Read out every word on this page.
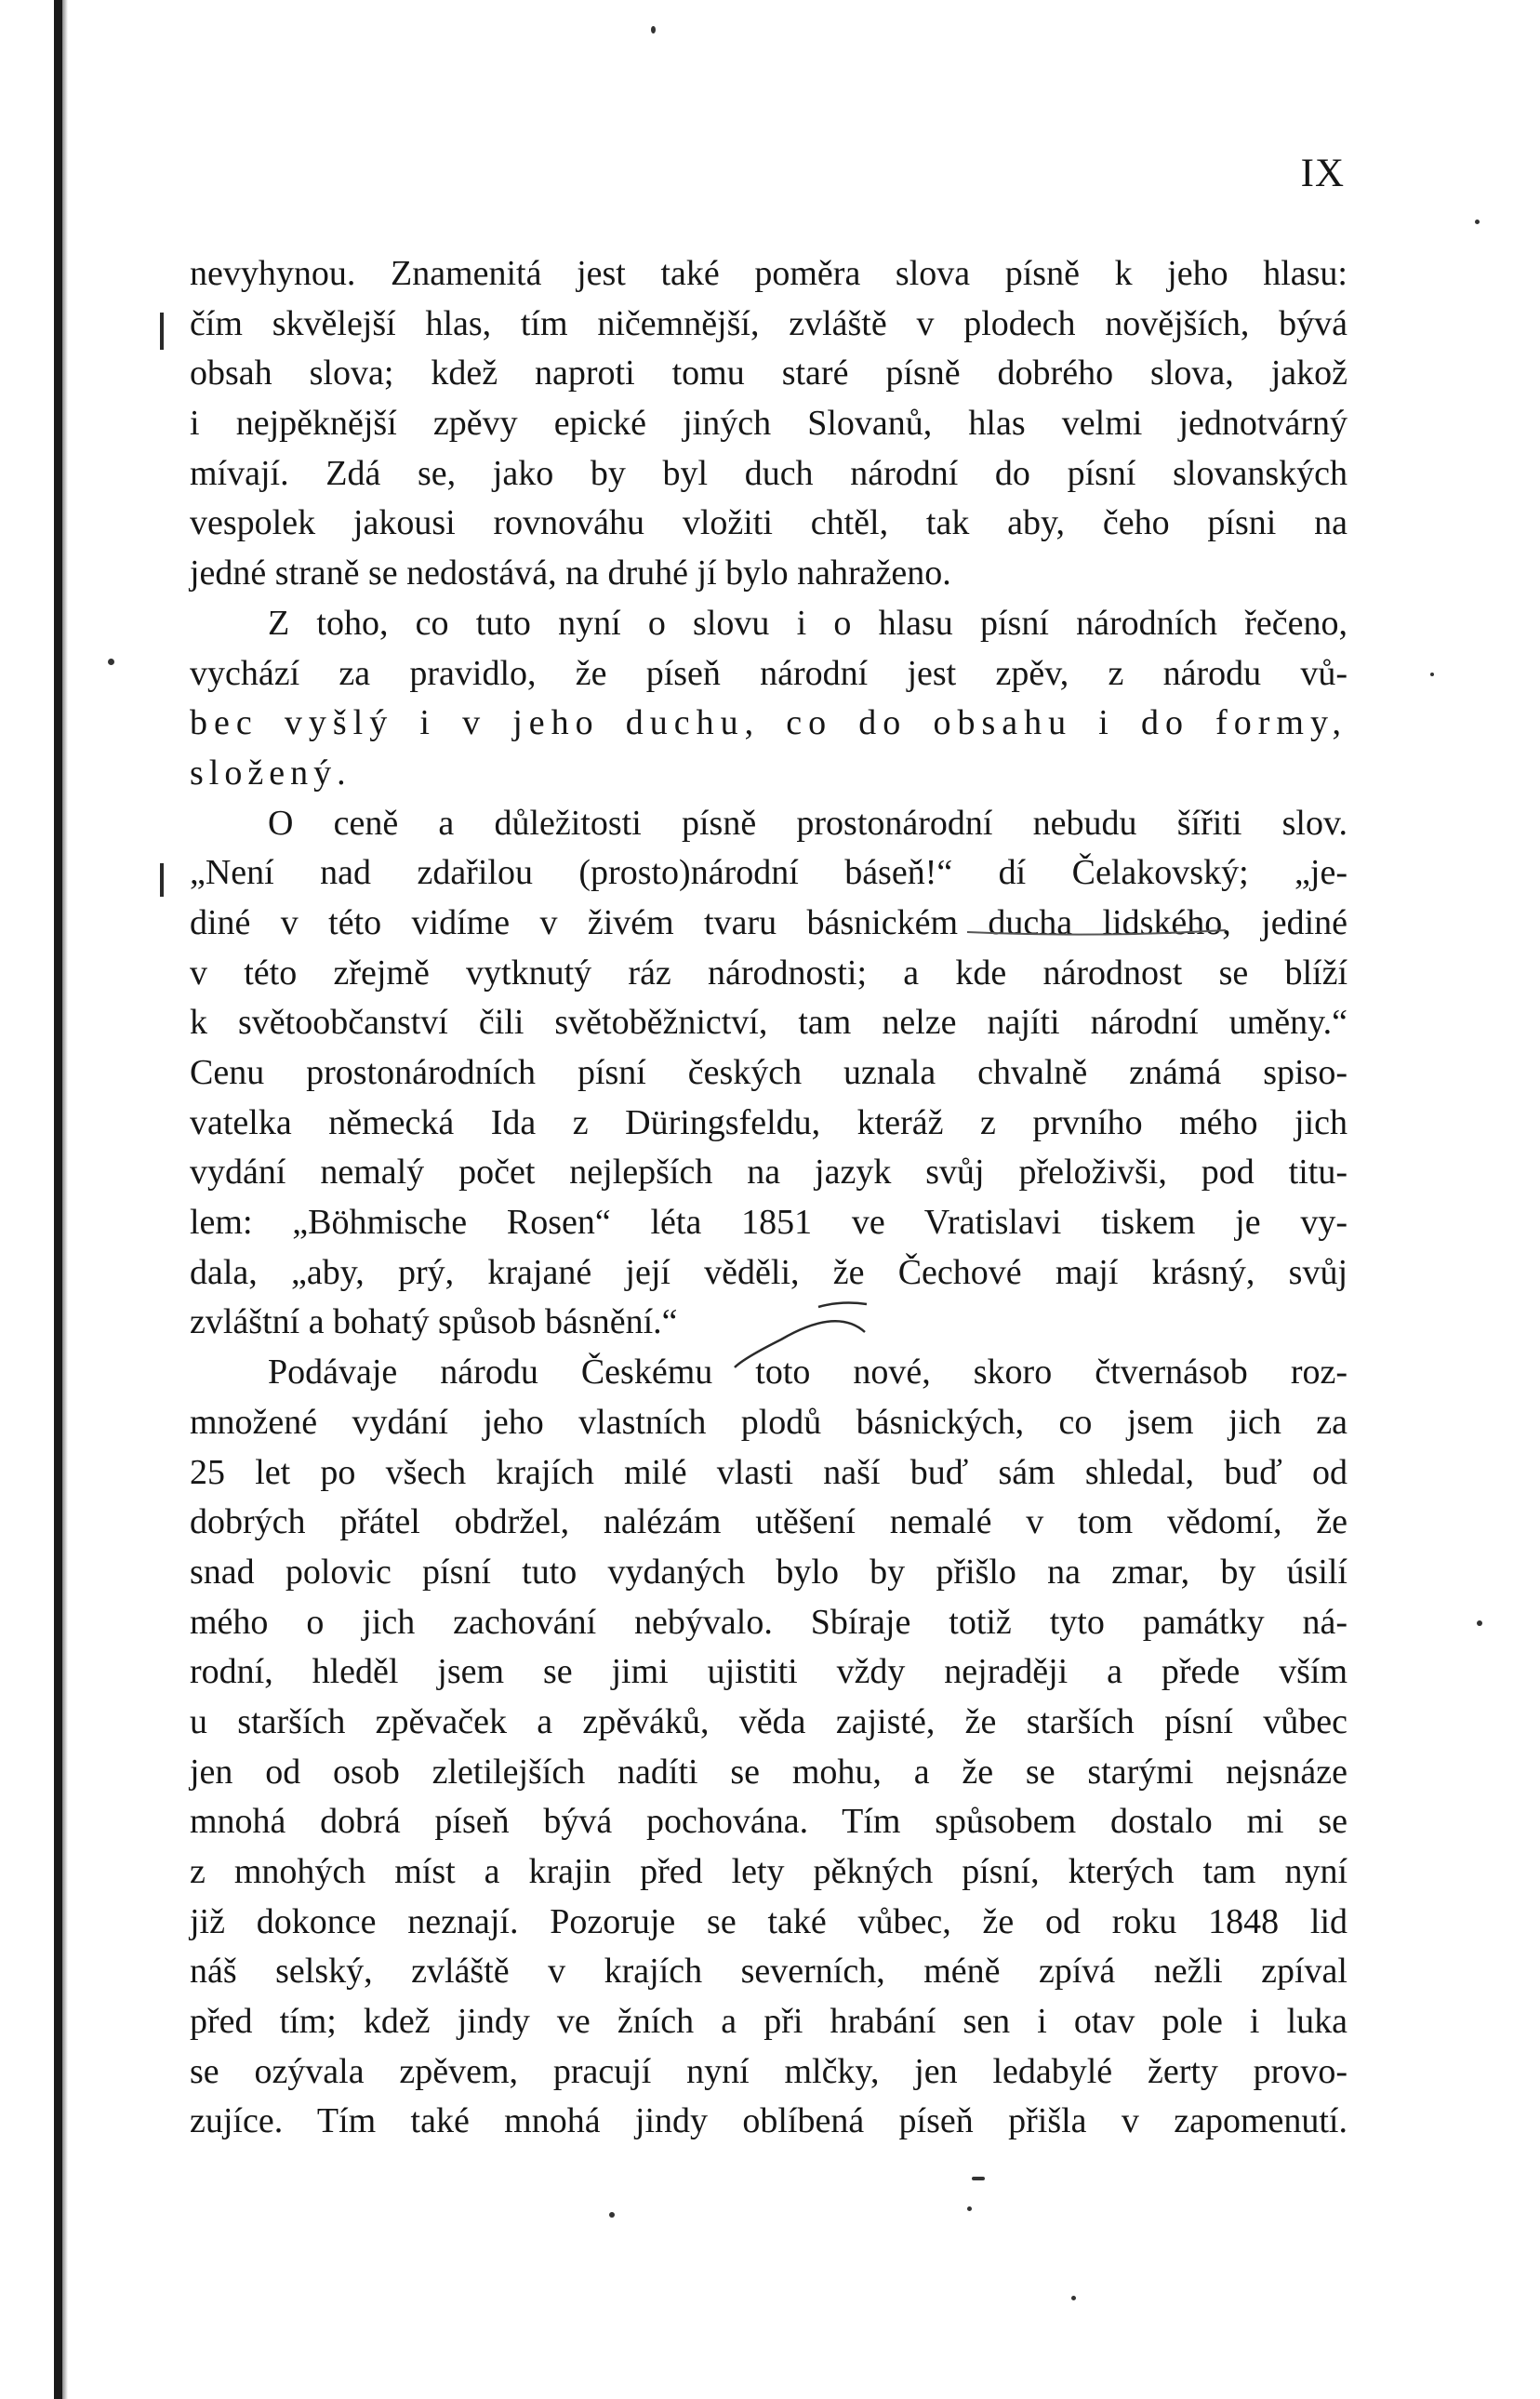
IX
nevyhynou. Znamenitá jest také poměra slova písně k jeho hlasu:
čím skvělejší hlas, tím ničemnější, zvláště v plodech novějších, bývá
obsah slova; kdež naproti tomu staré písně dobrého slova, jakož
i nejpěknější zpěvy epické jiných Slovanů, hlas velmi jednotvárný
mívají. Zdá se, jako by byl duch národní do písní slovanských
vespolek jakousi rovnováhu vložiti chtěl, tak aby, čeho písni na
jedné straně se nedostává, na druhé jí bylo nahraženo.
Z toho, co tuto nyní o slovu i o hlasu písní národních řečeno,
vychází za pravidlo, že píseň národní jest zpěv, z národu vů-
bec vyšlý i v jeho duchu, co do obsahu i do formy,
složený.
O ceně a důležitosti písně prostonárodní nebudu šířiti slov.
„Není nad zdařilou (prosto)národní báseň!“ dí Čelakovský; „je-
diné v této vidíme v živém tvaru básnickém ducha lidského, jediné
v této zřejmě vytknutý ráz národnosti; a kde národnost se blíží
k světoobčanství čili světoběžnictví, tam nelze najíti národní uměny.“
Cenu prostonárodních písní českých uznala chvalně známá spiso-
vatelka německá Ida z Düringsfeldu, kteráž z prvního mého jich
vydání nemalý počet nejlepších na jazyk svůj přeloživši, pod titu-
lem: „Böhmische Rosen“ léta 1851 ve Vratislavi tiskem je vy-
dala, „aby, prý, krajané její věděli, že Čechové mají krásný, svůj
zvláštní a bohatý spůsob básnění.“
Podávaje národu Českému toto nové, skoro čtvernásob roz-
množené vydání jeho vlastních plodů básnických, co jsem jich za
25 let po všech krajích milé vlasti naší buď sám shledal, buď od
dobrých přátel obdržel, nalézám utěšení nemalé v tom vědomí, že
snad polovic písní tuto vydaných bylo by přišlo na zmar, by úsilí
mého o jich zachování nebývalo. Sbíraje totiž tyto památky ná-
rodní, hleděl jsem se jimi ujistiti vždy nejraději a přede vším
u starších zpěvaček a zpěváků, věda zajisté, že starších písní vůbec
jen od osob zletilejších nadíti se mohu, a že se starými nejsnáze
mnohá dobrá píseň bývá pochována. Tím spůsobem dostalo mi se
z mnohých míst a krajin před lety pěkných písní, kterých tam nyní
již dokonce neznají. Pozoruje se také vůbec, že od roku 1848 lid
náš selský, zvláště v krajích severních, méně zpívá nežli zpíval
před tím; kdež jindy ve žních a při hrabání sen i otav pole i luka
se ozývala zpěvem, pracují nyní mlčky, jen ledabylé žerty provo-
zujíce. Tím také mnohá jindy oblíbená píseň přišla v zapomenutí.
